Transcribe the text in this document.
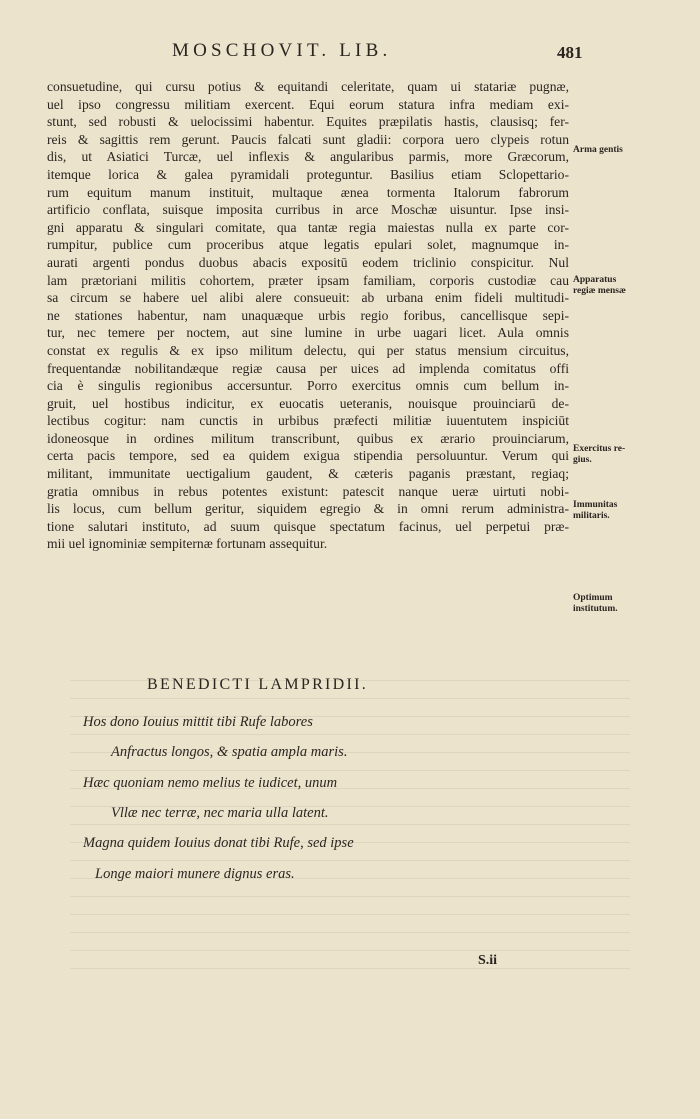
MOSCHOVIT. LIB.	481
consuetudine, qui cursu potius & equitandi celeritate, quam ui statariæ pugnæ,
uel ipso congressu militiam exercent. Equi eorum statura infra mediam exi-
stunt, sed robusti & uelocissimi habentur. Equites præpilatis hastis, clausisq; fer-
reis & sagittis rem gerunt. Paucis falcati sunt gladii: corpora uero clypeis rotun
dis, ut Asiatici Turcæ, uel inflexis & angularibus parmis, more Græcorum,
itemque lorica & galea pyramidali proteguntur. Basilius etiam Sclopettario-
rum equitum manum instituit, multaque ænea tormenta Italorum fabrorum
artificio conflata, suisque imposita curribus in arce Moschæ uisuntur. Ipse insi-
gni apparatu & singulari comitate, qua tantæ regia maiestas nulla ex parte cor-
rumpitur, publice cum proceribus atque legatis epulari solet, magnumque in-
aurati argenti pondus duobus abacis expositū eodem triclinio conspicitur. Nul
lam prætoriani militis cohortem, præter ipsam familiam, corporis custodiæ cau
sa circum se habere uel alibi alere consueuit: ab urbana enim fideli multitudi-
ne stationes habentur, nam unaquæque urbis regio foribus, cancellisque sepi-
tur, nec temere per noctem, aut sine lumine in urbe uagari licet. Aula omnis
constat ex regulis & ex ipso militum delectu, qui per status mensium circuitus,
frequentandæ nobilitandæque regiæ causa per uices ad implenda comitatus offi
cia è singulis regionibus accersuntur. Porro exercitus omnis cum bellum in-
gruit, uel hostibus indicitur, ex euocatis ueteranis, nouisque prouinciarū de-
lectibus cogitur: nam cunctis in urbibus præfecti militiæ iuuentutem inspiciūt
idoneosque in ordines militum transcribunt, quibus ex ærario prouinciarum,
certa pacis tempore, sed ea quidem exigua stipendia persoluuntur. Verum qui
militant, immunitate uectigalium gaudent, & cæteris paganis præstant, regiaq;
gratia omnibus in rebus potentes existunt: patescit nanque ueræ uirtuti nobi-
lis locus, cum bellum geritur, siquidem egregio & in omni rerum administra-
tione salutari instituto, ad suum quisque spectatum facinus, uel perpetui præ-
mii uel ignominiæ sempiternæ fortunam assequitur.
Arma gentis
Apparatus
regiæ mensæ
Exercitus re-
gius.
Immunitas
militaris.
Optimum
institutum.
BENEDICTI LAMPRIDII.
Hos dono Iouius mittit tibi Rufe labores
Anfractus longos, & spatia ampla maris.
Hæc quoniam nemo melius te iudicet, unum
Vllæ nec terræ, nec maria ulla latent.
Magna quidem Iouius donat tibi Rufe, sed ipse
Longe maiori munere dignus eras.
S.ii
